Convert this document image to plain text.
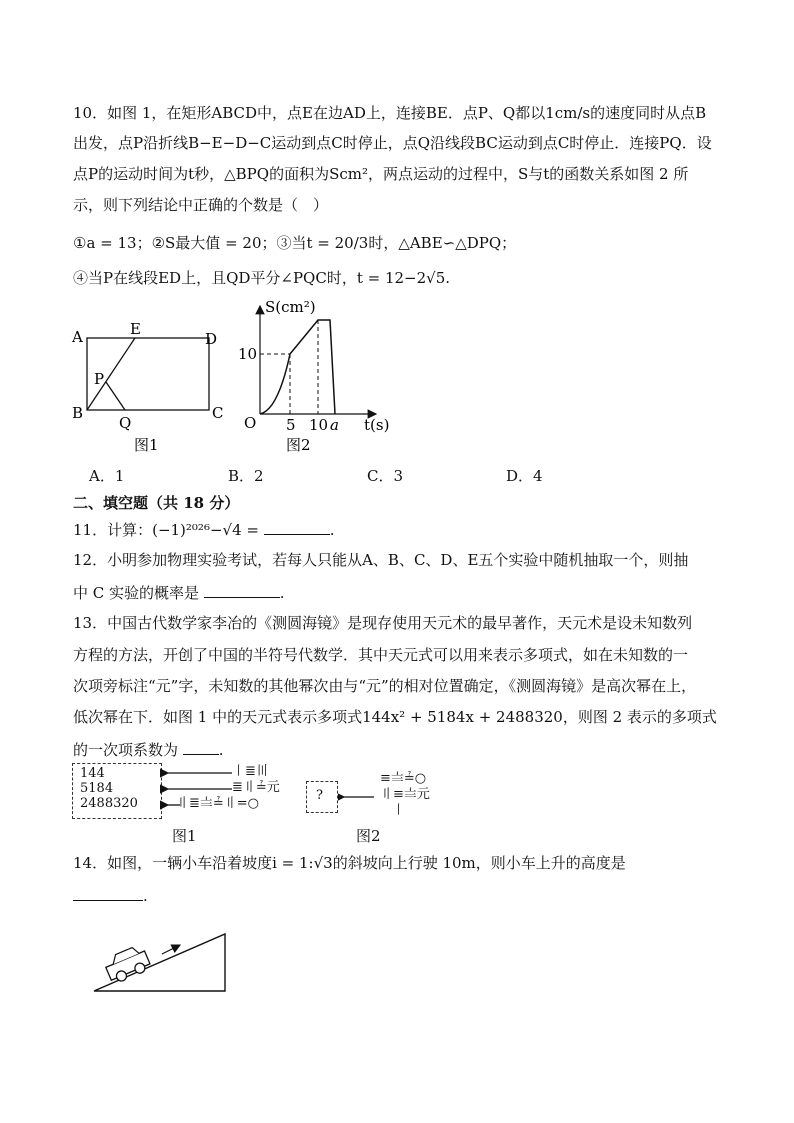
10．如图 1，在矩形ABCD中，点E在边AD上，连接BE．点P、Q都以1cm/s的速度同时从点B
出发，点P沿折线B−E−D−C运动到点C时停止，点Q沿线段BC运动到点C时停止．连接PQ．设
点P的运动时间为t秒，△BPQ的面积为Scm²，两点运动的过程中，S与t的函数关系如图 2 所
示，则下列结论中正确的个数是（　）
①a = 13；②S最大值 = 20；③当t = 20/3时，△ABE∽△DPQ；
④当P在线段ED上，且QD平分∠PQC时，t = 12−2√5.
A
B	C
D
E
P
Q
图1
S(cm²)
10
O 5 10 a t(s)
图2
A．1	B．2	C．3	D．4
二、填空题（共 18 分）
11．计算：(−1)²⁰²⁶−√4 =	.
12．小明参加物理实验考试，若每人只能从A、B、C、D、E五个实验中随机抽取一个，则抽
中 C 实验的概率是	.
13．中国古代数学家李冶的《测圆海镜》是现存使用天元术的最早著作，天元术是设未知数列
方程的方法，开创了中国的半符号代数学．其中天元式可以用来表示多项式，如在未知数的一
次项旁标注“元”字，未知数的其他幂次由与“元”的相对位置确定，《测圆海镜》是高次幂在上，
低次幂在下．如图 1 中的天元式表示多项式144x² + 5184x + 2488320，则图 2 表示的多项式
的一次项系数为	.
144
5184
2488320
〡≣〣
≣〢≟元
〢≣〨≟〢=○
图1
?
≡〨≟○
〢≡〨元
〡
图2
14．如图，一辆小车沿着坡度i = 1:√3的斜坡向上行驶 10m，则小车上升的高度是
.
